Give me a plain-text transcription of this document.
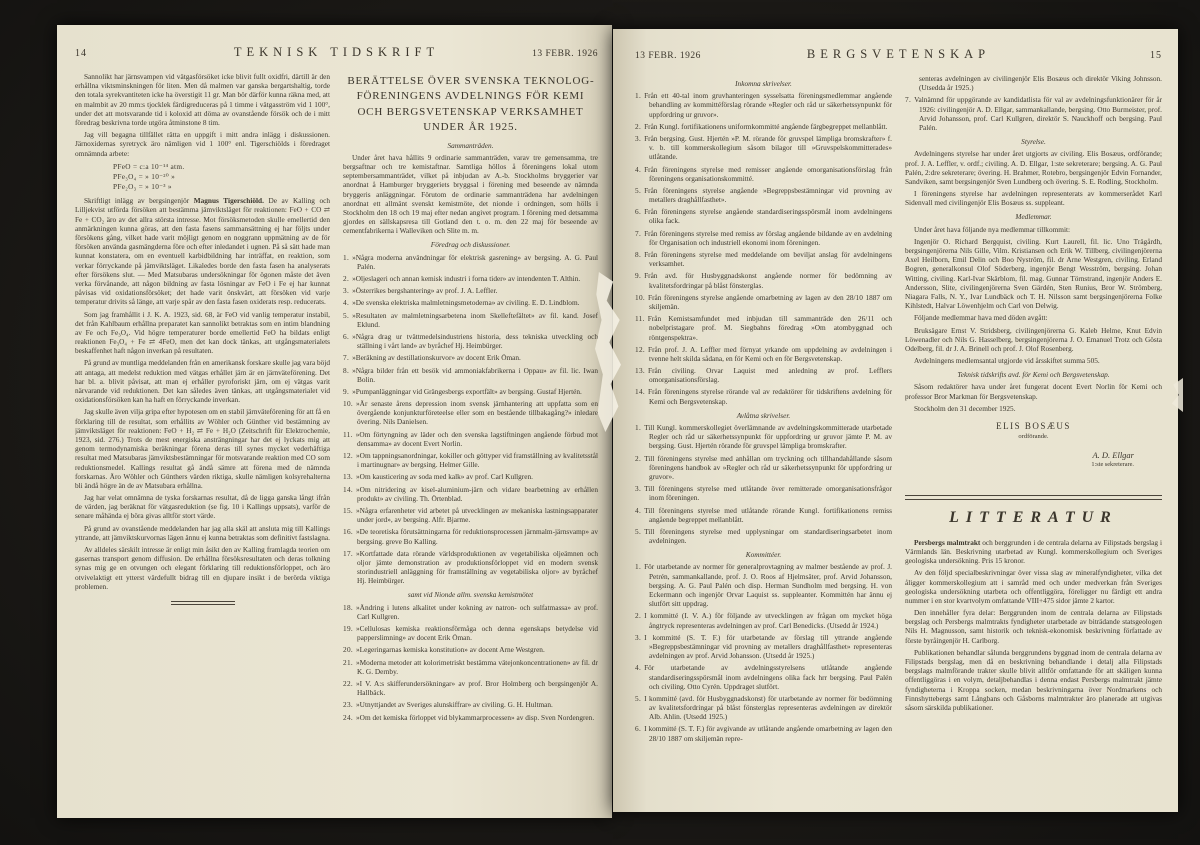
14	TEKNISK TIDSKRIFT	13 FEBR. 1926

Sannolikt har järnsvampen vid vätgasförsöket icke blivit fullt oxidfri, därtill är den erhållna viktsminskningen för liten. Men då malmen var ganska bergartshaltig, torde den totala syrekvantiteten icke ha överstigit 11 gr. Man bör därför kunna räkna med, att en malmbit av 20 mm:s tjocklek färdigreduceras på 1 timme i vätgasström vid 1 100°, under det att motsvarande tid i koloxid att döma av ovanstående försök och de i mitt föredrag beskrivna torde utgöra åtminstone 8 tim.

Jag vill begagna tillfället rätta en uppgift i mitt andra inlägg i diskussionen. Järnoxidernas syretryck äro nämligen vid 1 100° enl. Tigerschiölds i föredraget omnämnda arbete:

PFeO = c:a 10⁻¹⁴ atm.
PFe₃O₄ = » 10⁻²⁰ »
PFe₂O₃ = » 10⁻³ »

Skriftligt inlägg av bergsingenjör Magnus Tigerschiöld. De av Kalling och Lilljekvist utförda försöken att bestämma jämviktsläget för reaktionen: FeO + CO ⇄ Fe + CO₂ äro av det allra största intresse. Mot försöksmetoden skulle emellertid den anmärkningen kunna göras, att den fasta fasens sammansättning ej har följts under försökens gång, vilket hade varit möjligt genom en noggrann uppmätning av de för försöken använda gasmängderna före och efter inledandet i ugnen. På så sätt hade man kunnat konstatera, om en eventuell karbidbildning har inträffat, en reaktion, som verkar förryckande på jämviktsläget. Likaledes borde den fasta fasen ha analyserats efter försökens slut. — Med Matsubaras undersökningar för ögonen måste det även verka förvånande, att någon bildning av fasta lösningar av FeO i Fe ej har kunnat påvisas vid oxidationsförsöket; det hade varit önskvärt, att försöken vid varje temperatur drivits så länge, att varje spår av den fasta fasen oxiderats resp. reducerats.

Som jag framhållit i J. K. A. 1923, sid. 68, är FeO vid vanlig temperatur instabil, det från Kahlbaum erhållna preparatet kan sannolikt betraktas som en intim blandning av Fe och Fe₃O₄. Vid högre temperaturer borde emellertid FeO ha bildats enligt reaktionen Fe₃O₄ + Fe ⇄ 4FeO, men det kan dock tänkas, att utgångsmaterialets beskaffenhet haft någon inverkan på resultaten.

På grund av muntliga meddelanden från en amerikansk forskare skulle jag vara böjd att antaga, att medelst reduktion med vätgas erhållet järn är en järnväteförening. Det har bl. a. blivit påvisat, att man ej erhåller pyroforiskt järn, om ej vätgas varit närvarande vid reduktionen. Det kan således även tänkas, att utgångsmaterialet vid oxidationsförsöken kan ha haft en förryckande inverkan.

Jag skulle även vilja gripa efter hypotesen om en stabil järnväteförening för att få en förklaring till de resultat, som erhållits av Wöhler och Günther vid bestämning av jämviktsläget för reaktionen: FeO + H₂ ⇄ Fe + H₂O (Zeitschrift für Elektrochemie, 1923, sid. 276.) Trots de mest energiska ansträngningar har det ej lyckats mig att genom termodynamiska beräkningar förena deras till synes mycket vederhäftiga resultat med Matsubaras jämviktsbestämningar för motsvarande reaktion med CO som reduktionsmedel. Kallings resultat gå ändå sämre att förena med de nämnda forskarnas. Äro Wöhler och Günthers värden riktiga, skulle nämligen kolsyrehalterna bli ändå högre än de av Matsubara erhållna.

Jag har velat omnämna de tyska forskarnas resultat, då de ligga ganska långt ifrån de värden, jag beräknat för vätgasreduktion (se fig. 10 i Kallings uppsats), varför de senare måhända ej böra givas alltför stort värde.

På grund av ovanstående meddelanden har jag alla skäl att ansluta mig till Kallings yttrande, att jämviktskurvornas lägen ännu ej kunna betraktas som definitivt fastslagna.

Av alldeles särskilt intresse är enligt min åsikt den av Kalling framlagda teorien om gasernas transport genom diffusion. De erhållna försöksresultaten och deras tolkning synas mig ge en otvungen och elegant förklaring till reduktionsförloppet, och äro otvivelaktigt ett ytterst värdefullt bidrag till en djupare insikt i de berörda viktiga problemen.

BERÄTTELSE ÖVER SVENSKA TEKNOLOGFÖRENINGENS AVDELNINGS FÖR KEMI OCH BERGSVETENSKAP VERKSAMHET UNDER ÅR 1925.
Sammanträden.

Under året hava hållits 9 ordinarie sammanträden, varav tre gemensamma, tre bergsaftnar och tre kemistaftnar. Samtliga höllos å föreningens lokal utom septembersammanträdet, vilket på inbjudan av A.-b. Stockholms bryggerier var anordnat å Hamburger bryggeriets bryggsal i förening med beseende av nämnda bryggeris anläggningar. Förutom de ordinarie sammanträdena har avdelningen anordnat ett allmänt svenskt kemistmöte, det nionde i ordningen, som hölls i Stockholm den 18 och 19 maj efter nedan angivet program. I förening med detsamma gjordes en sällskapsresa till Gotland den t. o. m. den 22 maj för beseende av cementfabrikerna i Walleviken och Slite m. m.

Föredrag och diskussioner.

1. »Några moderna användningar för elektrisk gasrening» av bergsing. A. G. Paul Palén.

2. »Oljeslageri och annan kemisk industri i forna tider» av intendenten T. Althin.

3. »Österrikes bergshantering» av prof. J. A. Leffler.

4. »De svenska elektriska malmletningsmetoderna» av civiling. E. D. Lindblom.

5. »Resultaten av malmletningsarbetena inom Skelleftefältet» av fil. kand. Josef Eklund.

6. »Några drag ur tvättmedelsindustriens historia, dess tekniska utveckling och ställning i vårt land» av byråchef Hj. Heimbürger.

7. »Beräkning av destillationskurvor» av docent Erik Öman.

8. »Några bilder från ett besök vid ammoniakfabrikerna i Oppau» av fil. lic. Iwan Bolin.

9. »Pumpanläggningar vid Grängesbergs exportfält» av bergsing. Gustaf Hjertén.

10. »Är senaste årens depression inom svensk järnhantering att uppfatta som en övergående konjunkturföreteelse eller som en bestående tillbakagång?» inledare övering. Nils Danielsen.

11. »Om förtyngning av läder och den svenska lagstiftningen angående förbud mot densamma» av docent Evert Norlin.

12. »Om tappningsanordningar, kokiller och göttyper vid framställning av kvalitetsstål i martinugnar» av bergsing. Helmer Gille.

13. »Om kausticering av soda med kalk» av prof. Carl Kullgren.

14. »Om nitridering av kisel-aluminium-järn och vidare bearbetning av erhållen produkt» av civiling. Th. Örtenblad.

15. »Några erfarenheter vid arbetet på utvecklingen av mekaniska lastningsapparater under jord», av bergsing. Alfr. Bjarme.

16. »De teoretiska förutsättningarna för reduktionsprocessen järnmalm-järnsvamp» av bergsing. greve Bo Kalling.

17. »Kortfattade data rörande världsproduktionen av vegetabiliska oljeämnen och oljor jämte demonstration av produktionsförloppet vid en modern svensk storindustriell anläggning för framställning av vegetabiliska oljor» av byråchef Hj. Heimbürger.

samt vid Nionde allm. svenska kemistmötet

18. »Ändring i lutens alkalitet under kokning av natron- och sulfatmassa» av prof. Carl Kullgren.

19. »Cellulosas kemiska reaktionsförmåga och denna egenskaps betydelse vid papperslimning» av docent Erik Öman.

20. »Legeringarnas kemiska konstitution» av docent Arne Westgren.

21. »Moderna metoder att kolorimetriskt bestämma vätejonkoncentrationen» av fil. dr K. G. Dernby.

22. »I V. A:s skifferundersökningar» av prof. Bror Holmberg och bergsingenjör A. Hallbäck.

23. »Utnyttjandet av Sveriges alunskiffrar» av civiling. G. H. Hultman.

24. »Om det kemiska förloppet vid blykammarprocessen» av disp. Sven Nordengren.

13 FEBR. 1926	BERGSVETENSKAP	15
Inkomna skrivelser.

1. Från ett 40-tal inom gruvhanteringen sysselsatta föreningsmedlemmar angående behandling av kommittéförslag rörande »Regler och råd ur säkerhetssynpunkt för uppfordring ur gruvor».

2. Från Kungl. fortifikationens uniformkommitté angående färgbegreppet mellanblått.

3. Från bergsing. Gust. Hjertén »P. M. rörande för gruvspel lämpliga bromskrafter» f. v. b. till kommerskollegium såsom bilagor till »Gruvspelskommitterades» utlåtande.

4. Från föreningens styrelse med remisser angående omorganisationsförslag från föreningens organisationskommitté.

5. Från föreningens styrelse angående »Begreppsbestämningar vid provning av metallers draghållfasthet».

6. Från föreningens styrelse angående standardiseringsspörsmål inom avdelningens olika fack.

7. Från föreningens styrelse med remiss av förslag angående bildande av en avdelning för Organisation och industriell ekonomi inom föreningen.

8. Från föreningens styrelse med meddelande om beviljat anslag för avdelningens verksamhet.

9. Från avd. för Husbyggnadskonst angående normer för bedömning av kvalitetsfordringar på blåst fönsterglas.

10. Från föreningens styrelse angående omarbetning av lagen av den 28/10 1887 om skiljemän.

11. Från Kemistsamfundet med inbjudan till sammanträde den 26/11 och nobelpristagare prof. M. Siegbahns föredrag »Om atombyggnad och röntgenspektra».

12. Från prof. J. A. Leffler med förnyat yrkande om uppdelning av avdelningen i tvenne helt skilda sådana, en för Kemi och en för Bergsvetenskap.

13. Från civiling. Orvar Laquist med anledning av prof. Lefflers omorganisationsförslag.

14. Från föreningens styrelse rörande val av redaktörer för tidskriftens avdelning för Kemi och Bergsvetenskap.

Avlåtna skrivelser.

1. Till Kungl. kommerskollegiet överlämnande av avdelningskommitterade utarbetade Regler och råd ur säkerhetssynpunkt för uppfordring ur gruvor jämte P. M. av bergsing. Gust. Hjertén rörande för gruvspel lämpliga bromskrafter.

2. Till föreningens styrelse med anhållan om tryckning och tillhandahållande såsom föreningens handbok av »Regler och råd ur säkerhetssynpunkt för uppfordring ur gruvor».

3. Till föreningens styrelse med utlåtande över remitterade omorganisationsfrågor inom föreningen.

4. Till föreningens styrelse med utlåtande rörande Kungl. fortifikationens remiss angående begreppet mellanblått.

5. Till föreningens styrelse med upplysningar om standardiseringsarbetet inom avdelningen.

Kommittéer.

1. För utarbetande av normer för generalprovtagning av malmer bestående av prof. J. Petrén, sammankallande, prof. J. O. Roos af Hjelmsäter, prof. Arvid Johansson, bergsing. A. G. Paul Palén och disp. Herman Sundholm med bergsing. H. von Eckermann och ingenjör Orvar Laquist ss. suppleanter. Kommittén har ännu ej slutfört sitt uppdrag.

2. I kommitté (I. V. A.) för följande av utvecklingen av frågan om mycket höga ångtryck representeras avdelningen av prof. Carl Benedicks. (Utsedd år 1924.)

3. I kommitté (S. T. F.) för utarbetande av förslag till yttrande angående »Begreppsbestämningar vid provning av metallers draghållfasthet» representeras avdelningen av prof. Arvid Johansson. (Utsedd år 1925.)

4. För utarbetande av avdelningsstyrelsens utlåtande angående standardiseringsspörsmål inom avdelningens olika fack hrr bergsing. Paul Palén och civiling. Otto Cyrén. Uppdraget slutfört.

5. I kommitté (avd. för Husbyggnadskonst) för utarbetande av normer för bedömning av kvalitetsfordringar på blåst fönsterglas representeras avdelningen av direktör Alb. Ahlin. (Utsedd 1925.)

6. I kommitté (S. T. F.) för avgivande av utlåtande angående omarbetning av lagen den 28/10 1887 om skiljemän repre-

senteras avdelningen av civilingenjör Elis Bosæus och direktör Viking Johnsson. (Utsedda år 1925.)

7. Valnämnd för uppgörande av kandidatlista för val av avdelningsfunktionärer för år 1926: civilingenjör A. D. Ellgar, sammankallande, bergsing. Otto Burmeister, prof. Arvid Johansson, prof. Carl Kullgren, direktör S. Nauckhoff och bergsing. Paul Palén.

Styrelse.

Avdelningens styrelse har under året utgjorts av civiling. Elis Bosæus, ordförande; prof. J. A. Leffler, v. ordf.; civiling. A. D. Ellgar, 1:ste sekreterare; bergsing. A. G. Paul Palén, 2:dre sekreterare; övering. H. Brahmer, Rotebro, bergsingenjör Edvin Fornander, Sandviken, samt bergsingenjör Sven Lundberg och övering. S. E. Rodling, Stockholm.

I föreningens styrelse har avdelningen representerats av kommerserådet Karl Sidenvall med civilingenjör Elis Bosæus ss. suppleant.

Medlemmar.

Under året hava följande nya medlemmar tillkommit:

Ingenjör O. Richard Bergquist, civiling. Kurt Laurell, fil. lic. Uno Trägårdh, bergsingenjörerna Nils Gille, Vilm. Kristiansen och Erik W. Tillberg, civilingenjörerna Axel Heilborn, Emil Delin och Boo Nyström, fil. dr Arne Westgren, civiling. Erland Bogren, generalkonsul Olof Söderberg, ingenjör Bengt Wesström, bergsing. Johan Witting, civiling. Karl-Ivar Skärblom, fil. mag. Gunnar Törnstrand, ingenjör Anders E. Andersson, Slite, civilingenjörerna Sven Gärdén, Sten Runius, Bror W. Strömberg, Niagara Falls, N. Y., Ivar Lundbäck och T. H. Nilsson samt bergsingenjörerna Folke Kihlstedt, Halvar Löwenhjelm och Carl von Delwig.

Följande medlemmar hava med döden avgått:

Bruksägare Ernst V. Stridsberg, civilingenjörerna G. Kaleb Helme, Knut Edvin Löwenadler och Nils G. Hasselberg, bergsingenjörerna J. O. Emanuel Trotz och Gösta Odelberg, fil. dr J. A. Brinell och prof. J. Olof Rosenberg.

Avdelningens medlemsantal utgjorde vid årsskiftet summa 505.

Teknisk tidskrifts avd. för Kemi och Bergsvetenskap.

Såsom redaktörer hava under året fungerat docent Evert Norlin för Kemi och professor Bror Markman för Bergsvetenskap.

Stockholm den 31 december 1925.

ELIS BOSÆUS
ordförande.
A. D. Ellgar
1:ste sekreterare.
LITTERATUR

Persbergs malmtrakt och berggrunden i de centrala delarna av Filipstads bergslag i Värmlands län. Beskrivning utarbetad av Kungl. kommerskollegium och Sveriges geologiska undersökning. Pris 15 kronor.

Av den följd specialbeskrivningar över vissa slag av mineralfyndigheter, vilka det åligger kommerskollegium att i samråd med och under medverkan från Sveriges geologiska undersökning utarbeta och offentliggöra, föreligger nu färdigt ett andra nummer i en stor kvartvolym omfattande VIII+475 sidor jämte 2 kartor.

Den innehåller fyra delar: Berggrunden inom de centrala delarna av Filipstads bergslag och Persbergs malmtrakts fyndigheter utarbetade av biträdande statsgeologen Nils H. Magnusson, samt historik och teknisk-ekonomisk beskrivning författade av förste byråingenjör H. Carlborg.

Publikationen behandlar sålunda berggrundens byggnad inom de centrala delarna av Filipstads bergslag, men då en beskrivning behandlande i detalj alla Filipstads bergslags malmförande trakter skulle blivit alltför omfattande för att skäligen kunna offentliggöras i en volym, detaljbehandlas i denna endast Persbergs malmtrakt jämte fyndigheterna i Kroppa socken, medan beskrivningarna över Nordmarkens och Finnshyttebergs samt Långbans och Gåsborns malmtrakter äro planerade att utgivas såsom särskilda publikationer.
